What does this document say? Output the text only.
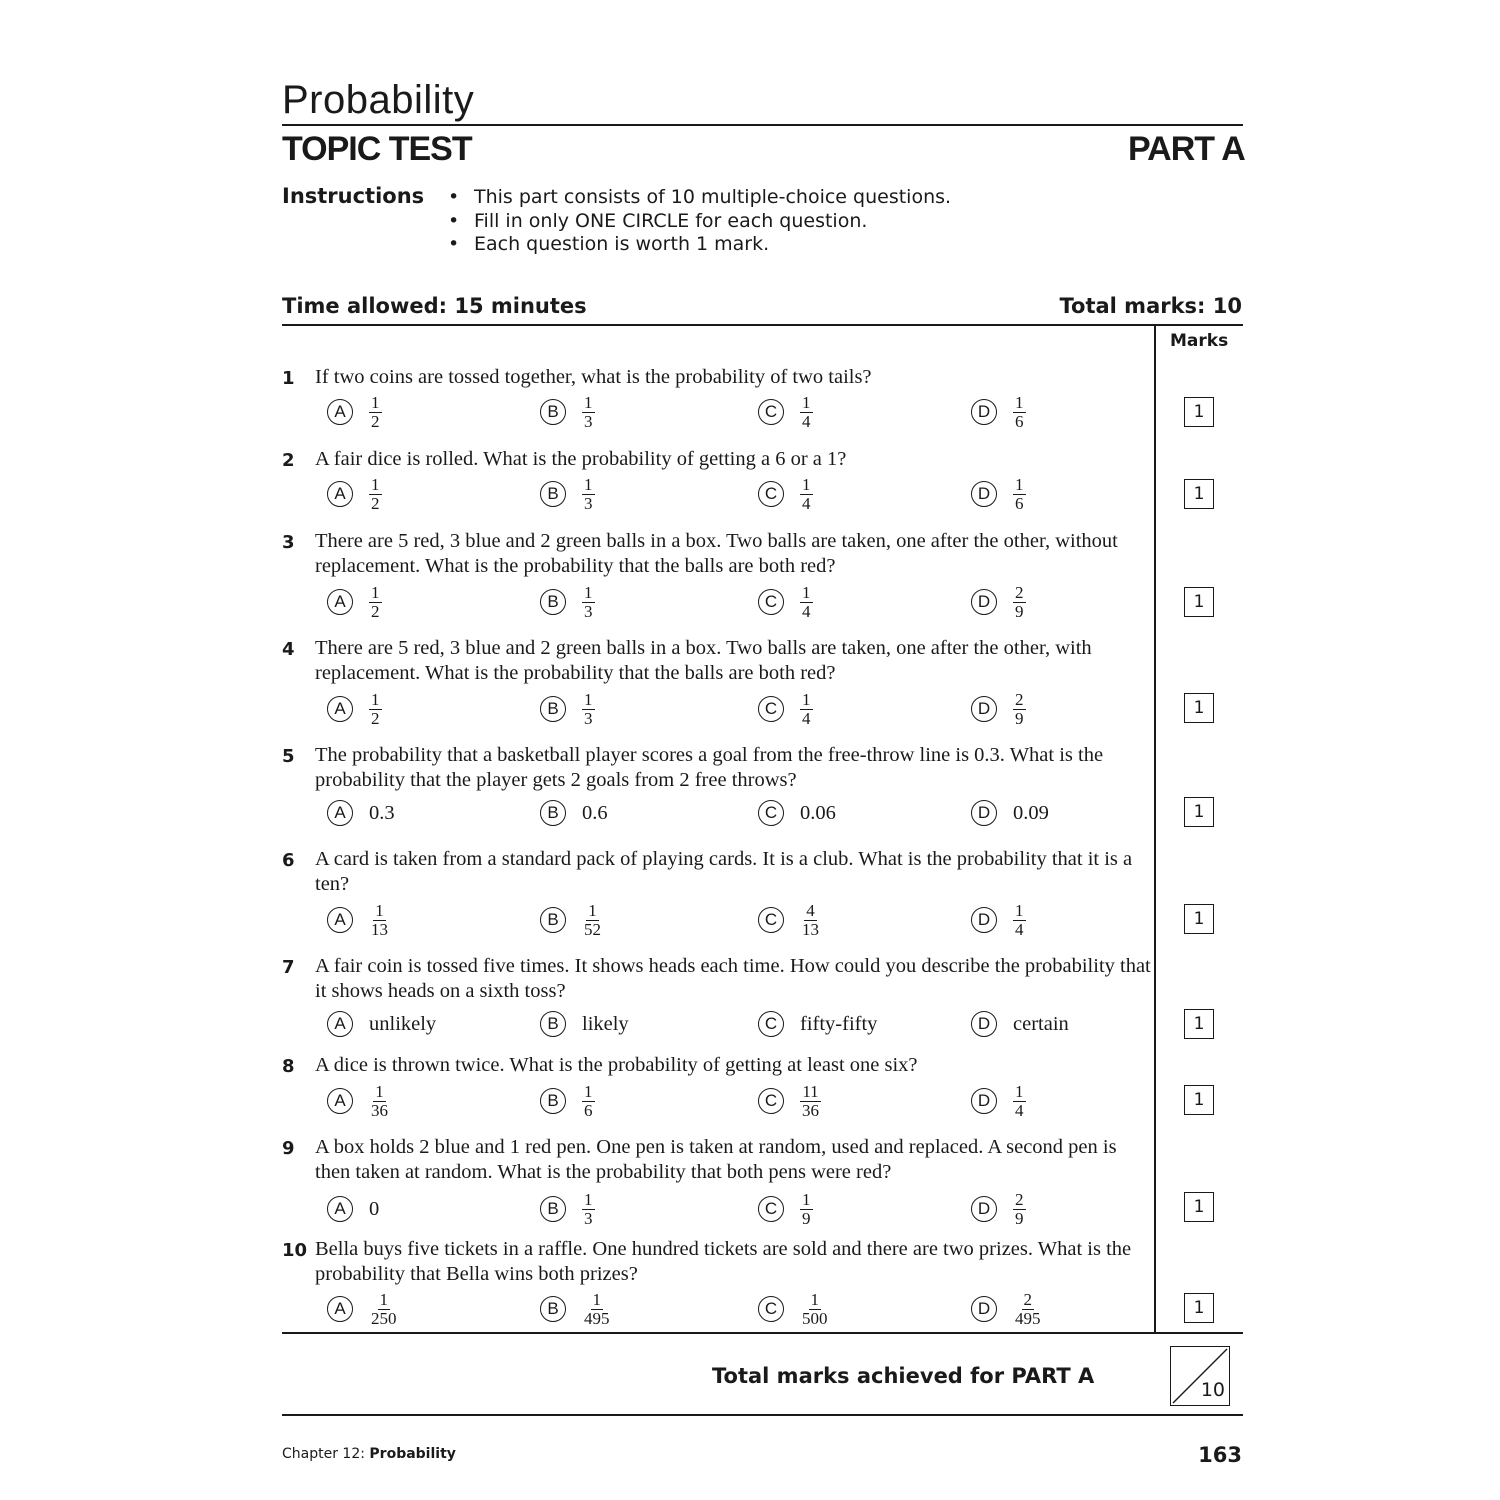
Probability
TOPIC TEST	PART A
Instructions • This part consists of 10 multiple-choice questions.
• Fill in only ONE CIRCLE for each question.
• Each question is worth 1 mark.
Time allowed: 15 minutes	Total marks: 10
Marks
1 If two coins are tossed together, what is the probability of two tails?
A	$\frac{1}{2}$	B	$\frac{1}{3}$	C	$\frac{1}{4}$	D	$\frac{1}{6}$	1
2 A fair dice is rolled. What is the probability of getting a 6 or a 1?
A	$\frac{1}{2}$	B	$\frac{1}{3}$	C	$\frac{1}{4}$	D	$\frac{1}{6}$	1
3 There are 5 red, 3 blue and 2 green balls in a box. Two balls are taken, one after the other, without replacement. What is the probability that the balls are both red?
A	$\frac{1}{2}$	B	$\frac{1}{3}$	C	$\frac{1}{4}$	D	$\frac{2}{9}$	1
4 There are 5 red, 3 blue and 2 green balls in a box. Two balls are taken, one after the other, with replacement. What is the probability that the balls are both red?
A	$\frac{1}{2}$	B	$\frac{1}{3}$	C	$\frac{1}{4}$	D	$\frac{2}{9}$	1
5 The probability that a basketball player scores a goal from the free-throw line is 0.3. What is the probability that the player gets 2 goals from 2 free throws?
A	0.3	B	0.6	C	0.06	D	0.09	1
6 A card is taken from a standard pack of playing cards. It is a club. What is the probability that it is a ten?
A	$\frac{1}{13}$	B	$\frac{1}{52}$	C	$\frac{4}{13}$	D	$\frac{1}{4}$	1
7 A fair coin is tossed five times. It shows heads each time. How could you describe the probability that it shows heads on a sixth toss?
A	unlikely	B	likely	C	fifty-fifty	D	certain	1
8 A dice is thrown twice. What is the probability of getting at least one six?
A	$\frac{1}{36}$	B	$\frac{1}{6}$	C	$\frac{11}{36}$	D	$\frac{1}{4}$	1
9 A box holds 2 blue and 1 red pen. One pen is taken at random, used and replaced. A second pen is then taken at random. What is the probability that both pens were red?
A	0	B	$\frac{1}{3}$	C	$\frac{1}{9}$	D	$\frac{2}{9}$	1
10 Bella buys five tickets in a raffle. One hundred tickets are sold and there are two prizes. What is the probability that Bella wins both prizes?
A	$\frac{1}{250}$	B	$\frac{1}{495}$	C	$\frac{1}{500}$	D	$\frac{2}{495}$	1
Total marks achieved for PART A
10
Chapter 12: Probability	163
